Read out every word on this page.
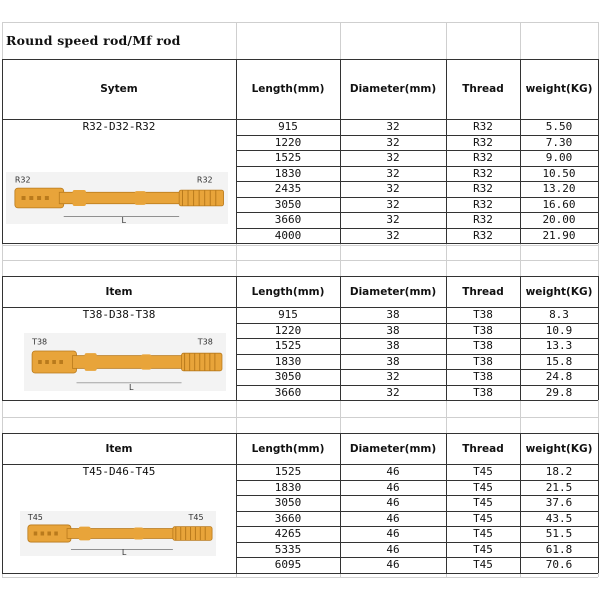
Round speed rod/Mf rod
Sytem	Length(mm)	Diameter(mm)	Thread	weight(KG)
R32-D32-R32	915	32	R32	5.50
1220	32	R32	7.30
1525	32	R32	9.00
1830	32	R32	10.50
2435	32	R32	13.20
3050	32	R32	16.60
3660	32	R32	20.00
4000	32	R32	21.90
R32	R32
L
Item	Length(mm)	Diameter(mm)	Thread	weight(KG)
T38-D38-T38	915	38	T38	8.3
1220	38	T38	10.9
1525	38	T38	13.3
1830	38	T38	15.8
3050	32	T38	24.8
3660	32	T38	29.8
T38	T38
L
Item	Length(mm)	Diameter(mm)	Thread	weight(KG)
T45-D46-T45	1525	46	T45	18.2
1830	46	T45	21.5
3050	46	T45	37.6
3660	46	T45	43.5
4265	46	T45	51.5
5335	46	T45	61.8
6095	46	T45	70.6
T45	T45
L
